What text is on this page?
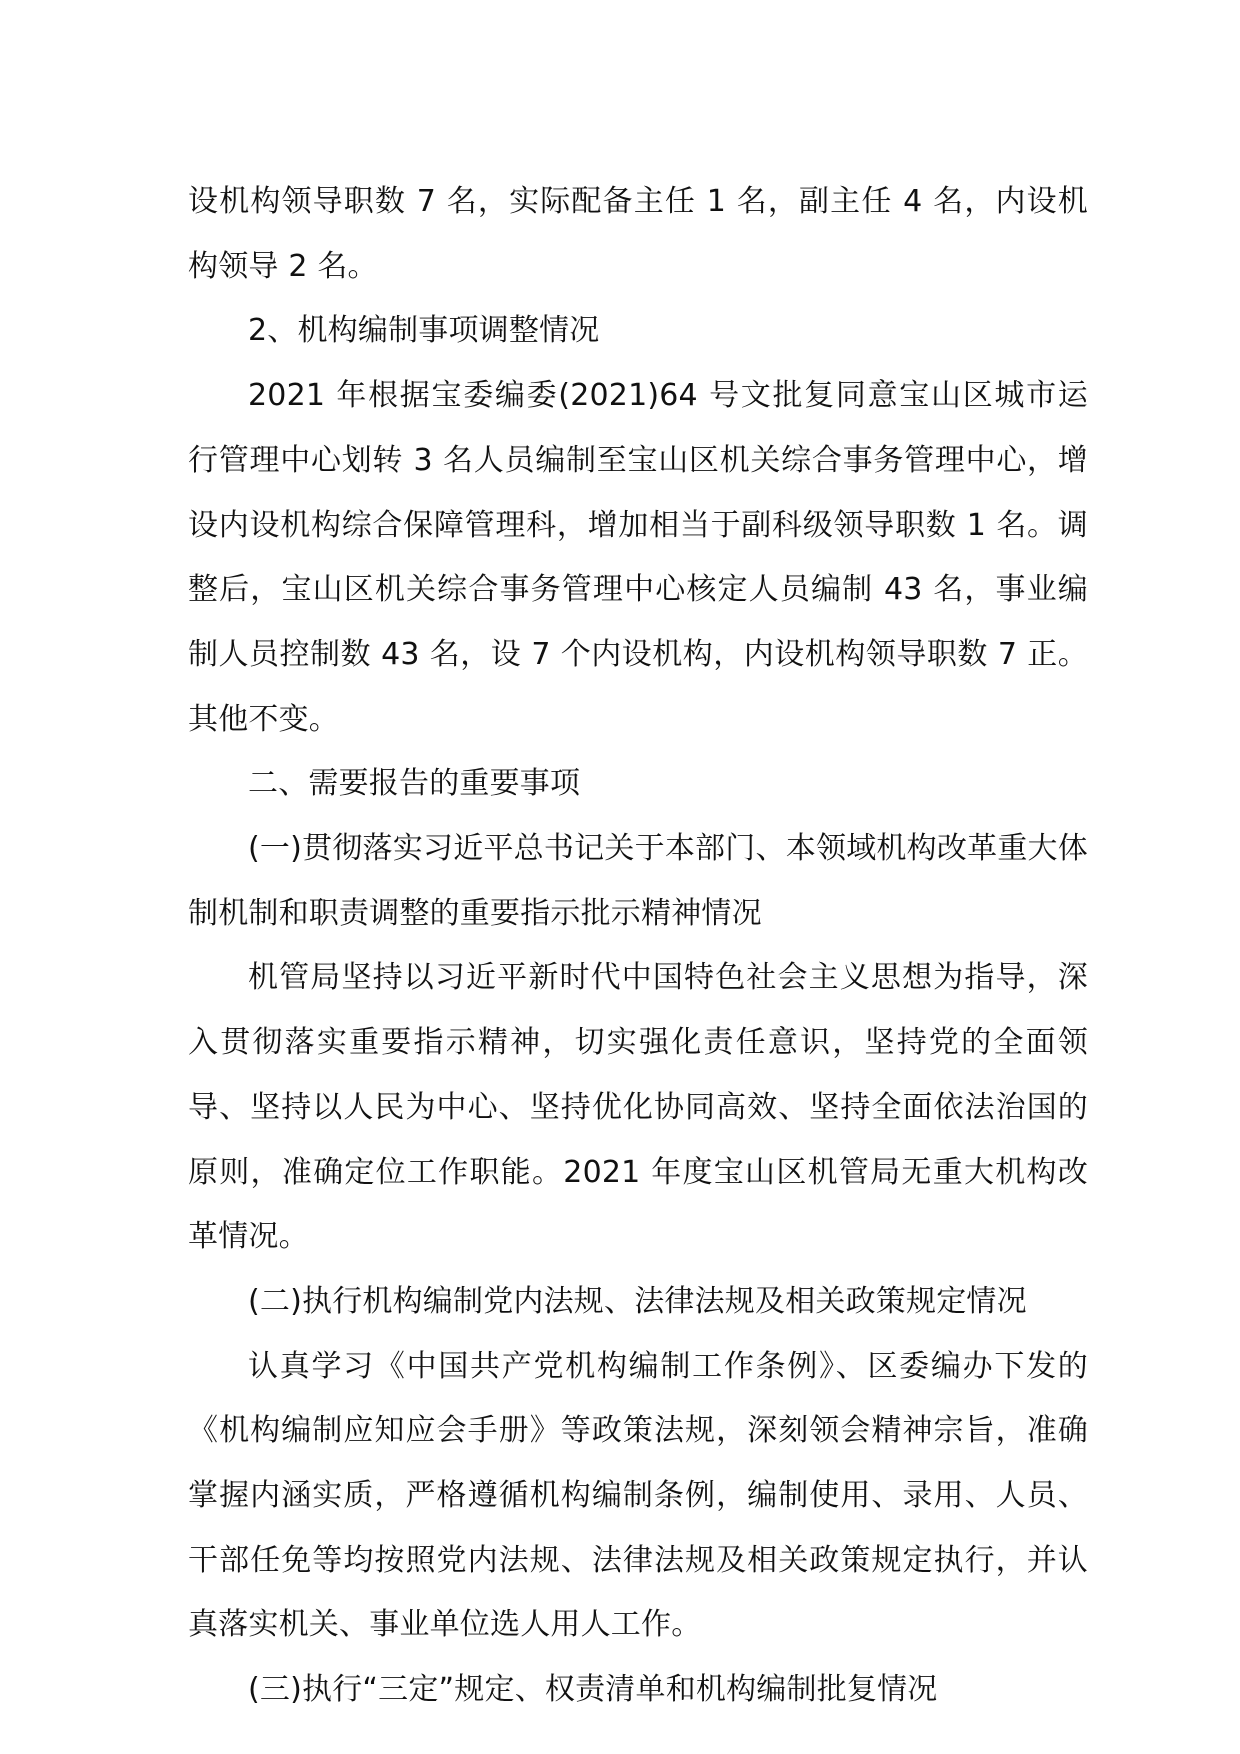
设机构领导职数 7 名，实际配备主任 1 名，副主任 4 名，内设机构领导 2 名。

2、机构编制事项调整情况

2021 年根据宝委编委(2021)64 号文批复同意宝山区城市运行管理中心划转 3 名人员编制至宝山区机关综合事务管理中心，增设内设机构综合保障管理科，增加相当于副科级领导职数 1 名。调整后，宝山区机关综合事务管理中心核定人员编制 43 名，事业编制人员控制数 43 名，设 7 个内设机构，内设机构领导职数 7 正。其他不变。

二、需要报告的重要事项

(一)贯彻落实习近平总书记关于本部门、本领域机构改革重大体制机制和职责调整的重要指示批示精神情况

机管局坚持以习近平新时代中国特色社会主义思想为指导，深入贯彻落实重要指示精神，切实强化责任意识，坚持党的全面领导、坚持以人民为中心、坚持优化协同高效、坚持全面依法治国的原则，准确定位工作职能。2021 年度宝山区机管局无重大机构改革情况。

(二)执行机构编制党内法规、法律法规及相关政策规定情况

认真学习《中国共产党机构编制工作条例》、区委编办下发的《机构编制应知应会手册》等政策法规，深刻领会精神宗旨，准确掌握内涵实质，严格遵循机构编制条例，编制使用、录用、人员、干部任免等均按照党内法规、法律法规及相关政策规定执行，并认真落实机关、事业单位选人用人工作。

(三)执行“三定”规定、权责清单和机构编制批复情况
